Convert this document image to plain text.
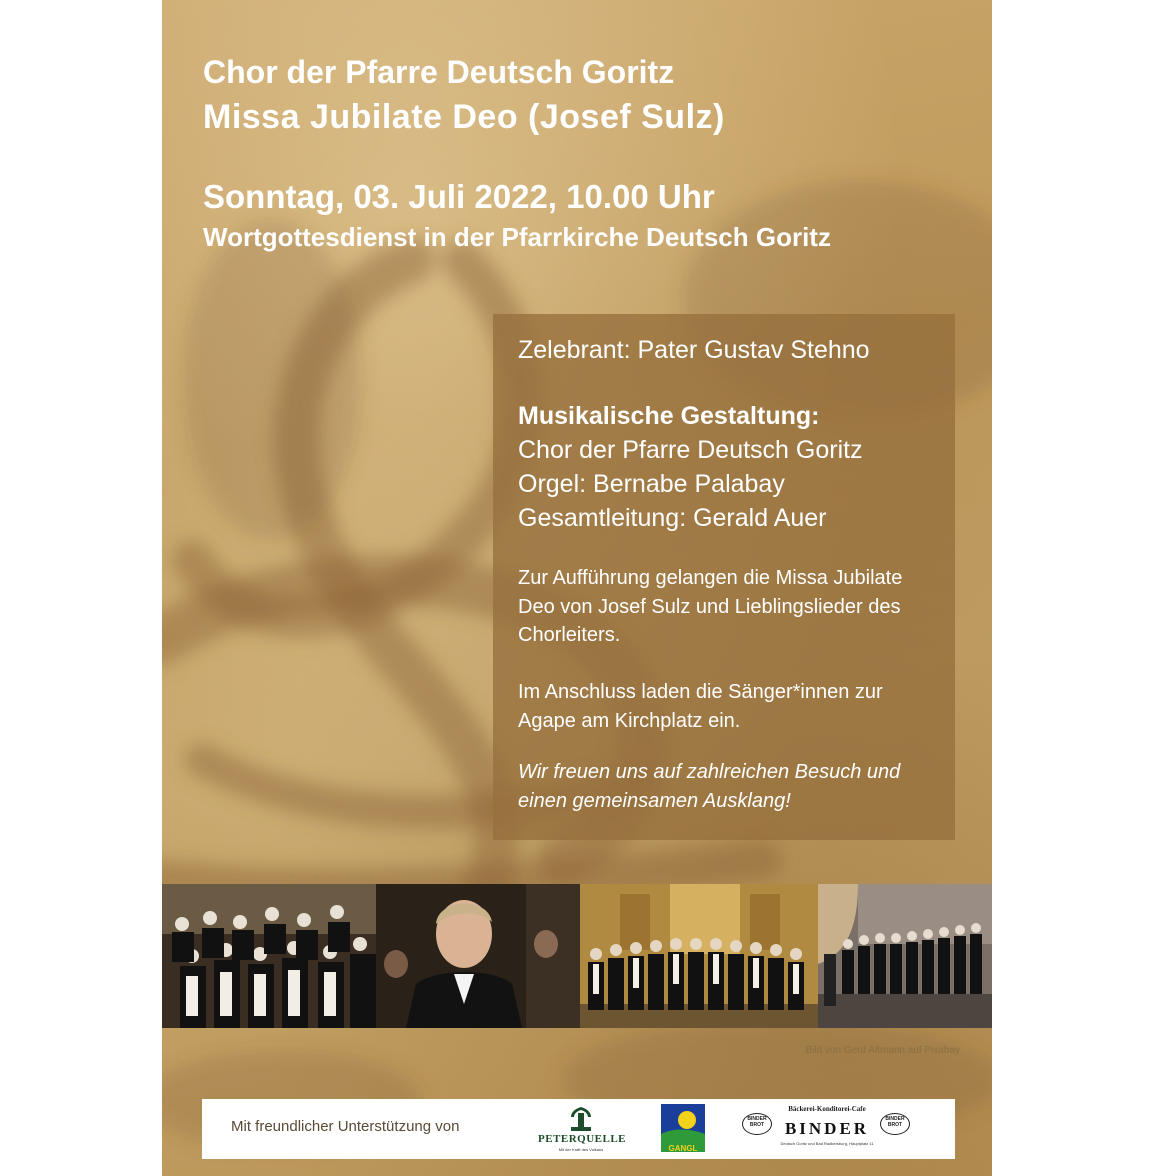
Chor der Pfarre Deutsch Goritz
Missa Jubilate Deo (Josef Sulz)

Sonntag, 03. Juli 2022, 10.00 Uhr

Wortgottesdienst in der Pfarrkirche Deutsch Goritz

Zelebrant: Pater Gustav Stehno

Musikalische Gestaltung:

Chor der Pfarre Deutsch Goritz

Orgel: Bernabe Palabay

Gesamtleitung: Gerald Auer

Zur Aufführung gelangen die Missa Jubilate Deo von Josef Sulz und Lieblingslieder des Chorleiters.

Im Anschluss laden die Sänger*innen zur Agape am Kirchplatz ein.

Wir freuen uns auf zahlreichen Besuch und einen gemeinsamen Ausklang!

Bild von Gerd Altmann auf Pixabay
Mit freundlicher Unterstützung von
PETERQUELLE
Mit der Kraft des Vulkans	GANGL
BINDER BROT
Bäckerei-Konditorei-Cafe
BINDER
Deutsch Goritz und Bad Radkersburg, Hauptplatz 11
BINDER BROT
